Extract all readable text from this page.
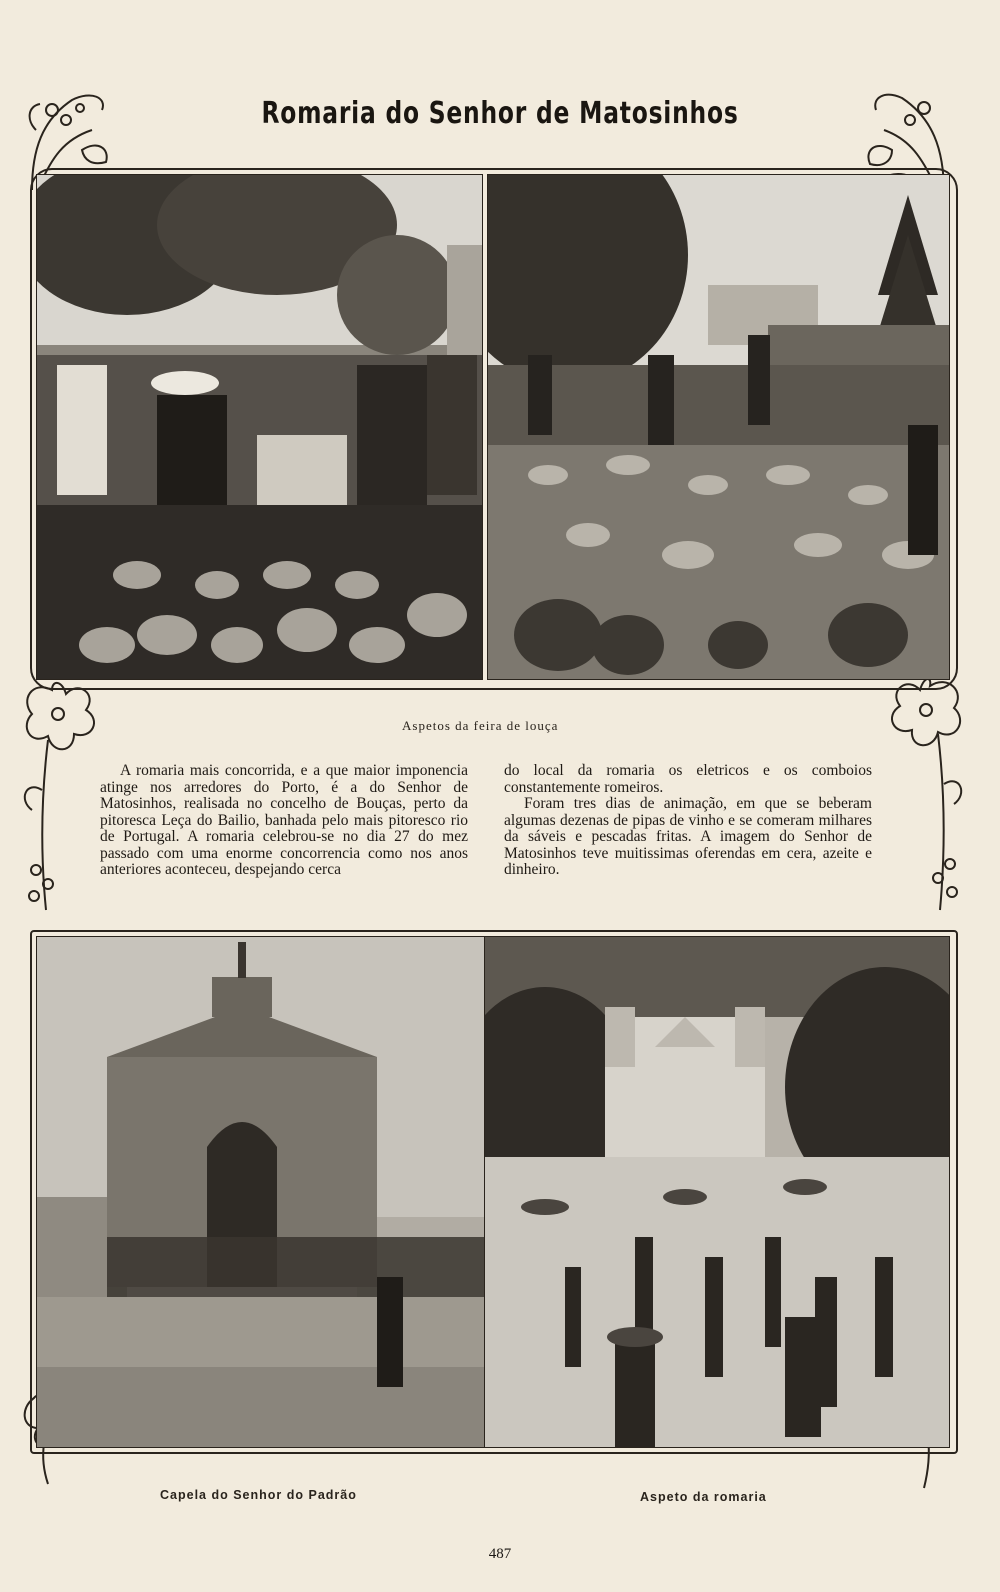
Romaria do Senhor de Matosinhos
Aspetos da feira de louça

A romaria mais concorrida, e a que maior imponencia atinge nos arredores do Porto, é a do Senhor de Matosinhos, realisada no concelho de Bouças, perto da pitoresca Leça do Bailio, banhada pelo mais pitoresco rio de Portugal. A romaria celebrou-se no dia 27 do mez passado com uma enorme concorrencia como nos anos anteriores aconteceu, despejando cerca

do local da romaria os eletricos e os comboios constantemente romeiros.

Foram tres dias de animação, em que se beberam algumas dezenas de pipas de vinho e se comeram milhares da sáveis e pescadas fritas. A imagem do Senhor de Matosinhos teve muitissimas oferendas em cera, azeite e dinheiro.

Capela do Senhor do Padrão	Aspeto da romaria
487
